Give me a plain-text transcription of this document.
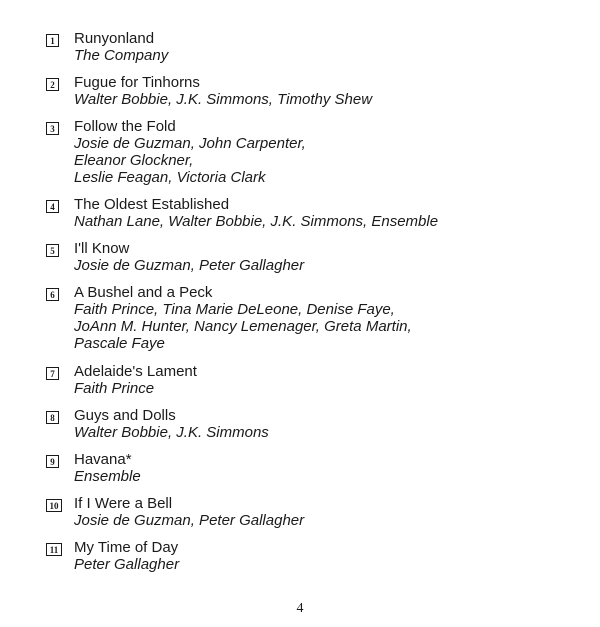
1 Runyonland
The Company
2 Fugue for Tinhorns
Walter Bobbie, J.K. Simmons, Timothy Shew
3 Follow the Fold
Josie de Guzman, John Carpenter,
Eleanor Glockner,
Leslie Feagan, Victoria Clark
4 The Oldest Established
Nathan Lane, Walter Bobbie, J.K. Simmons, Ensemble
5 I'll Know
Josie de Guzman, Peter Gallagher
6 A Bushel and a Peck
Faith Prince, Tina Marie DeLeone, Denise Faye,
JoAnn M. Hunter, Nancy Lemenager, Greta Martin,
Pascale Faye
7 Adelaide's Lament
Faith Prince
8 Guys and Dolls
Walter Bobbie, J.K. Simmons
9 Havana*
Ensemble
10 If I Were a Bell
Josie de Guzman, Peter Gallagher
11 My Time of Day
Peter Gallagher
4
